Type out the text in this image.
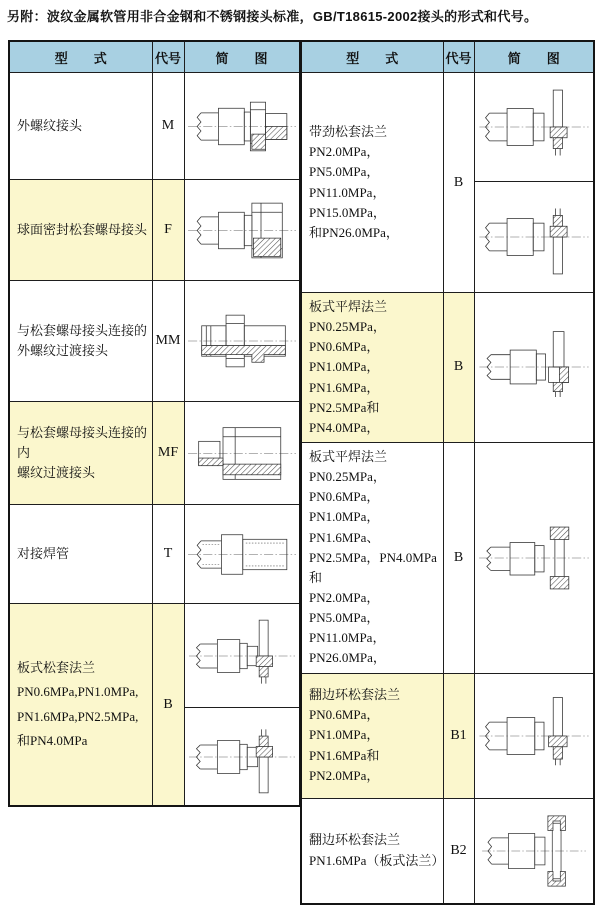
另附：波纹金属软管用非合金钢和不锈钢接头标准，GB/T18615-2002接头的形式和代号。
型　　式	代号	简　　图

外螺纹接头	M	

球面密封松套螺母接头	F	

与松套螺母接头连接的
外螺纹过渡接头	MM	

与松套螺母接头连接的内
螺纹过渡接头	MF	

对接焊管	T	

板式松套法兰
PN0.6MPa,PN1.0MPa,
PN1.6MPa,PN2.5MPa,
和PN4.0MPa	B	

型　　式	代号	简　　图

带劲松套法兰
PN2.0MPa，PN5.0MPa，
PN11.0MPa，PN15.0MPa，
和PN26.0MPa，	B	

板式平焊法兰
PN0.25MPa，PN0.6MPa，
PN1.0MPa，PN1.6MPa，
PN2.5MPa和PN4.0MPa，	B	

板式平焊法兰
PN0.25MPa，PN0.6MPa，
PN1.0MPa，PN1.6MPa、
PN2.5MPa，PN4.0MPa和
PN2.0MPa，PN5.0MPa，
PN11.0MPa，PN26.0MPa，
	B	

翻边环松套法兰
PN0.6MPa，PN1.0MPa，
PN1.6MPa和PN2.0MPa，	B1	

翻边环松套法兰
PN1.6MPa（板式法兰）	B2	
